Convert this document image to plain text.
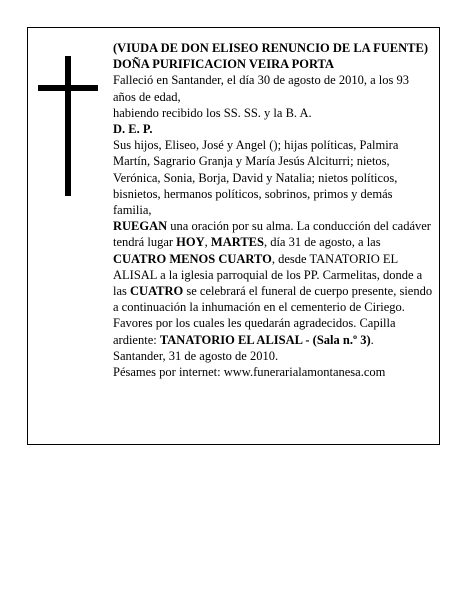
(VIUDA DE DON ELISEO RENUNCIO DE LA FUENTE)

DOÑA PURIFICACION VEIRA PORTA

Falleció en Santander, el día 30 de agosto de 2010, a los 93 años de edad,

habiendo recibido los SS. SS. y la B. A.

D. E. P.

Sus hijos, Eliseo, José y Angel (); hijas políticas, Palmira Martín, Sagrario Granja y María Jesús Alciturri; nietos, Verónica, Sonia, Borja, David y Natalia; nietos políticos, bisnietos, hermanos políticos, sobrinos, primos y demás familia,

RUEGAN una oración por su alma. La conducción del cadáver tendrá lugar HOY, MARTES, día 31 de agosto, a las CUATRO MENOS CUARTO, desde TANATORIO EL ALISAL a la iglesia parroquial de los PP. Carmelitas, donde a las CUATRO se celebrará el funeral de cuerpo presente, siendo a continuación la inhumación en el cementerio de Ciriego. Favores por los cuales les quedarán agradecidos. Capilla ardiente: TANATORIO EL ALISAL - (Sala n.º 3).

Santander, 31 de agosto de 2010.

Pésames por internet: www.funerarialamontanesa.com
